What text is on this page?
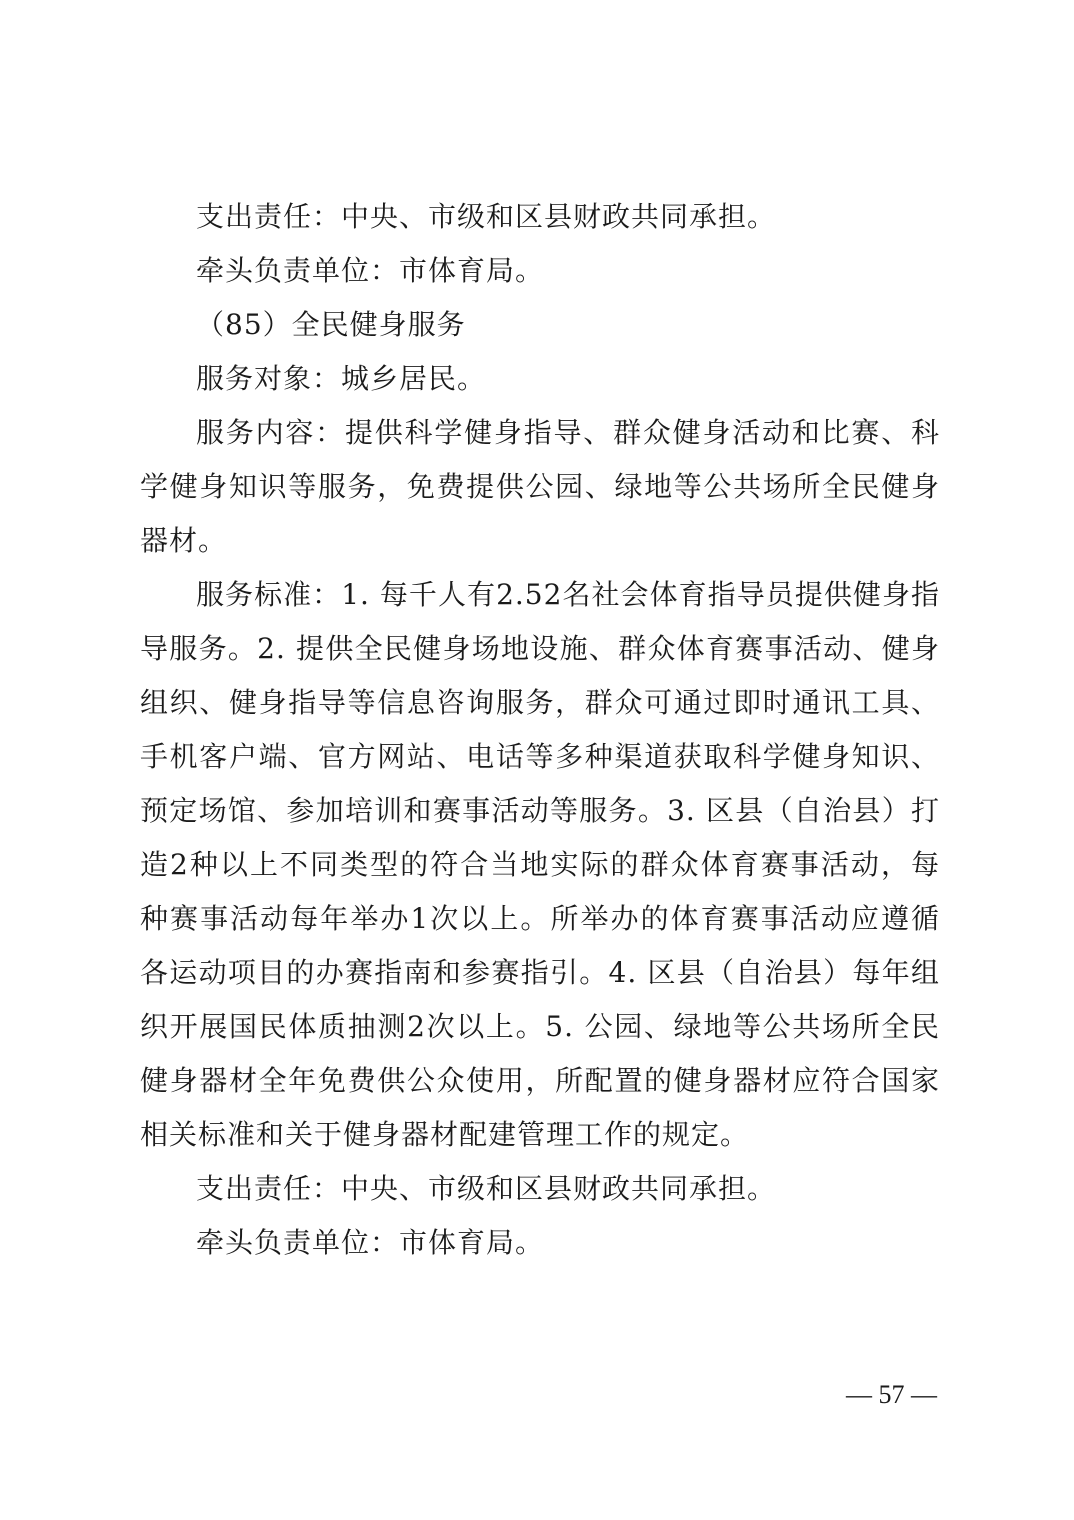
支出责任：中央、市级和区县财政共同承担。

牵头负责单位：市体育局。

（85）全民健身服务

服务对象：城乡居民。

服务内容：提供科学健身指导、群众健身活动和比赛、科学健身知识等服务，免费提供公园、绿地等公共场所全民健身器材。

服务标准：1. 每千人有2.52名社会体育指导员提供健身指导服务。2. 提供全民健身场地设施、群众体育赛事活动、健身组织、健身指导等信息咨询服务，群众可通过即时通讯工具、手机客户端、官方网站、电话等多种渠道获取科学健身知识、预定场馆、参加培训和赛事活动等服务。3. 区县（自治县）打造2种以上不同类型的符合当地实际的群众体育赛事活动，每种赛事活动每年举办1次以上。所举办的体育赛事活动应遵循各运动项目的办赛指南和参赛指引。4. 区县（自治县）每年组织开展国民体质抽测2次以上。5. 公园、绿地等公共场所全民健身器材全年免费供公众使用，所配置的健身器材应符合国家相关标准和关于健身器材配建管理工作的规定。

支出责任：中央、市级和区县财政共同承担。

牵头负责单位：市体育局。

— 57 —
